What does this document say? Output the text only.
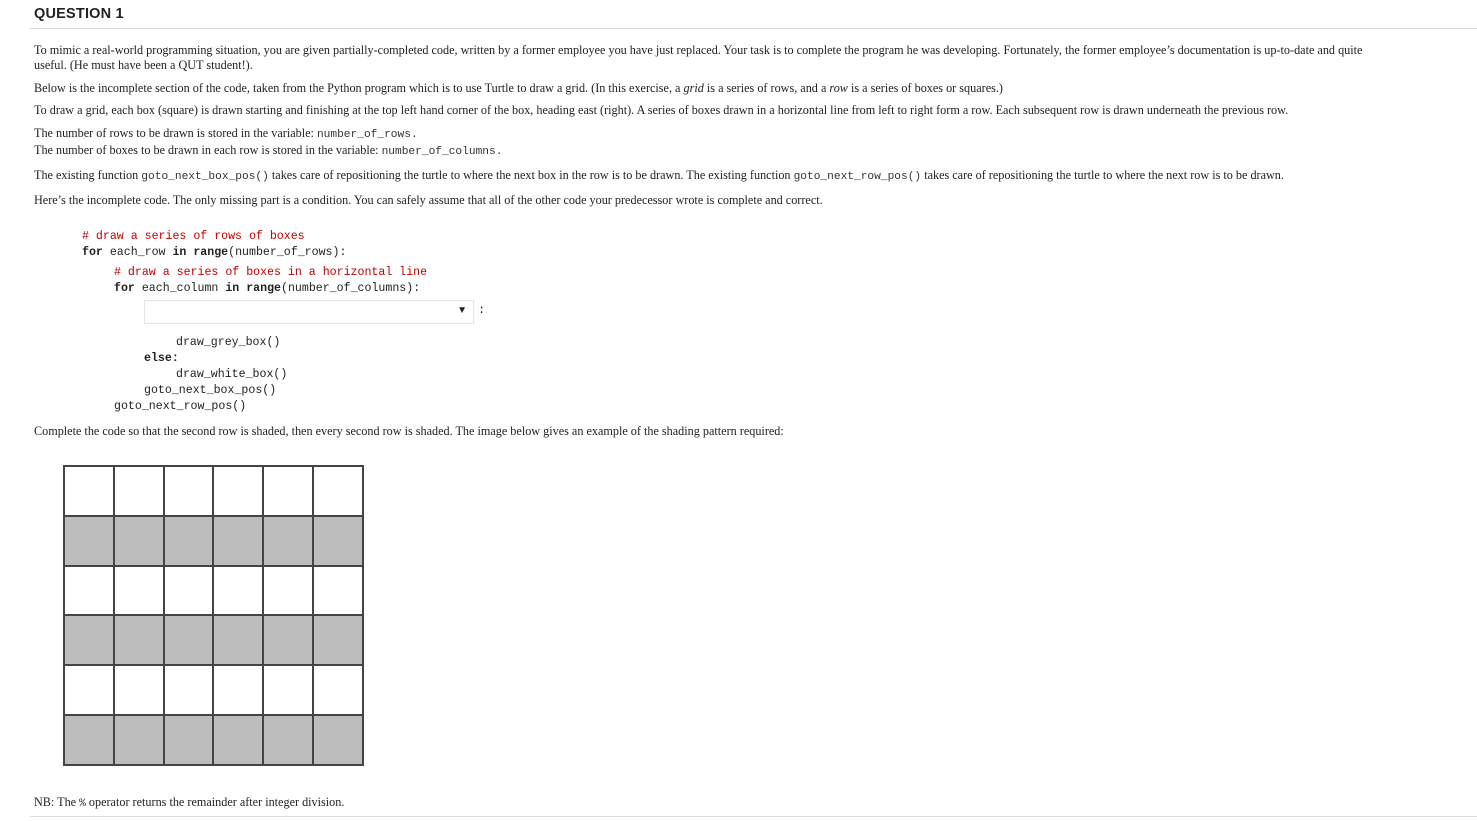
QUESTION 1

To mimic a real-world programming situation, you are given partially-completed code, written by a former employee you have just replaced. Your task is to complete the program he was developing. Fortunately, the former employee’s documentation is up-to-date and quite useful. (He must have been a QUT student!).

Below is the incomplete section of the code, taken from the Python program which is to use Turtle to draw a grid. (In this exercise, a grid is a series of rows, and a row is a series of boxes or squares.)

To draw a grid, each box (square) is drawn starting and finishing at the top left hand corner of the box, heading east (right). A series of boxes drawn in a horizontal line from left to right form a row. Each subsequent row is drawn underneath the previous row.

The number of rows to be drawn is stored in the variable: number_of_rows.
The number of boxes to be drawn in each row is stored in the variable: number_of_columns.

The existing function goto_next_box_pos() takes care of repositioning the turtle to where the next box in the row is to be drawn. The existing function goto_next_row_pos() takes care of repositioning the turtle to where the next row is to be drawn.

Here’s the incomplete code. The only missing part is a condition. You can safely assume that all of the other code your predecessor wrote is complete and correct.

# draw a series of rows of boxes
for each_row in range(number_of_rows):
# draw a series of boxes in a horizontal line
for each_column in range(number_of_columns):
draw_grey_box()
else:
draw_white_box()
goto_next_box_pos()
goto_next_row_pos()
▼ :
Complete the code so that the second row is shaded, then every second row is shaded. The image below gives an example of the shading pattern required:
NB: The % operator returns the remainder after integer division.
